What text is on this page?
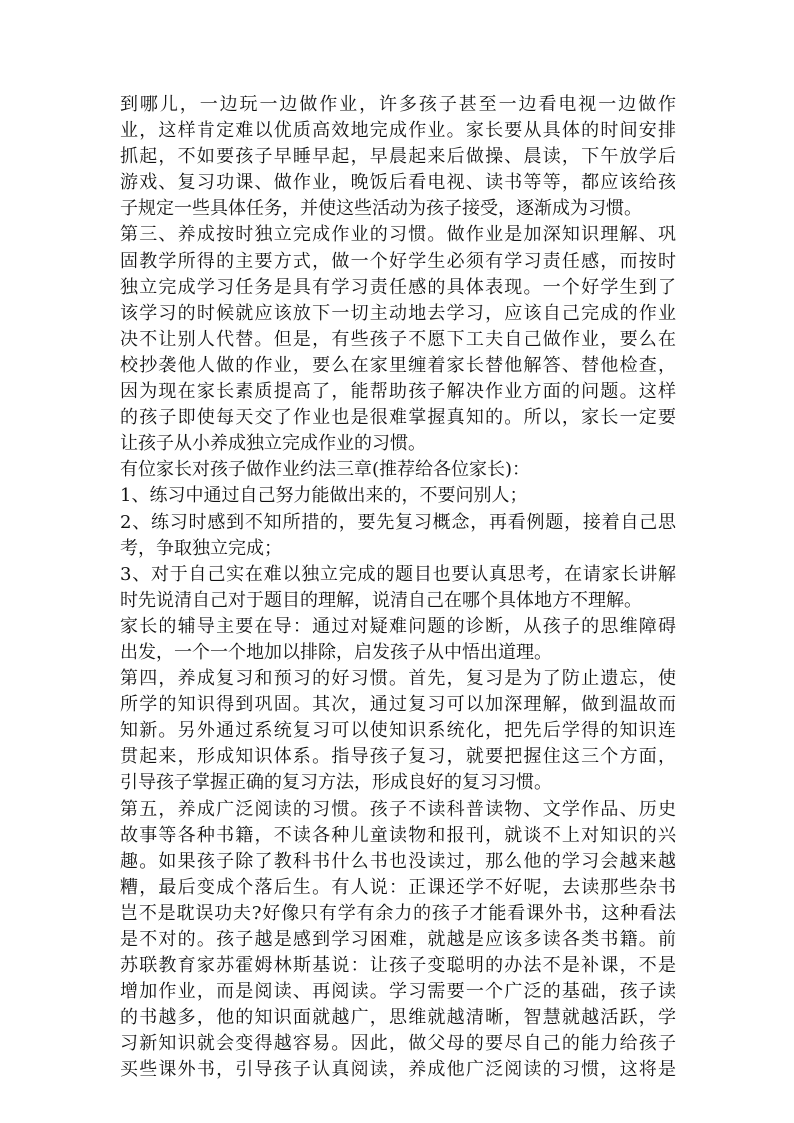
到哪儿，一边玩一边做作业，许多孩子甚至一边看电视一边做作
业，这样肯定难以优质高效地完成作业。家长要从具体的时间安排
抓起，不如要孩子早睡早起，早晨起来后做操、晨读，下午放学后
游戏、复习功课、做作业，晚饭后看电视、读书等等，都应该给孩
子规定一些具体任务，并使这些活动为孩子接受，逐渐成为习惯。
第三、养成按时独立完成作业的习惯。做作业是加深知识理解、巩
固教学所得的主要方式，做一个好学生必须有学习责任感，而按时
独立完成学习任务是具有学习责任感的具体表现。一个好学生到了
该学习的时候就应该放下一切主动地去学习，应该自己完成的作业
决不让别人代替。但是，有些孩子不愿下工夫自己做作业，要么在
校抄袭他人做的作业，要么在家里缠着家长替他解答、替他检查，
因为现在家长素质提高了，能帮助孩子解决作业方面的问题。这样
的孩子即使每天交了作业也是很难掌握真知的。所以，家长一定要
让孩子从小养成独立完成作业的习惯。
有位家长对孩子做作业约法三章(推荐给各位家长)：
1、练习中通过自己努力能做出来的，不要问别人；
2、练习时感到不知所措的，要先复习概念，再看例题，接着自己思
考，争取独立完成；
3、对于自己实在难以独立完成的题目也要认真思考，在请家长讲解
时先说清自己对于题目的理解，说清自己在哪个具体地方不理解。
家长的辅导主要在导：通过对疑难问题的诊断，从孩子的思维障碍
出发，一个一个地加以排除，启发孩子从中悟出道理。
第四，养成复习和预习的好习惯。首先，复习是为了防止遗忘，使
所学的知识得到巩固。其次，通过复习可以加深理解，做到温故而
知新。另外通过系统复习可以使知识系统化，把先后学得的知识连
贯起来，形成知识体系。指导孩子复习，就要把握住这三个方面，
引导孩子掌握正确的复习方法，形成良好的复习习惯。
第五，养成广泛阅读的习惯。孩子不读科普读物、文学作品、历史
故事等各种书籍，不读各种儿童读物和报刊，就谈不上对知识的兴
趣。如果孩子除了教科书什么书也没读过，那么他的学习会越来越
糟，最后变成个落后生。有人说：正课还学不好呢，去读那些杂书
岂不是耽误功夫?好像只有学有余力的孩子才能看课外书，这种看法
是不对的。孩子越是感到学习困难，就越是应该多读各类书籍。前
苏联教育家苏霍姆林斯基说：让孩子变聪明的办法不是补课，不是
增加作业，而是阅读、再阅读。学习需要一个广泛的基础，孩子读
的书越多，他的知识面就越广，思维就越清晰，智慧就越活跃，学
习新知识就会变得越容易。因此，做父母的要尽自己的能力给孩子
买些课外书，引导孩子认真阅读，养成他广泛阅读的习惯，这将是
